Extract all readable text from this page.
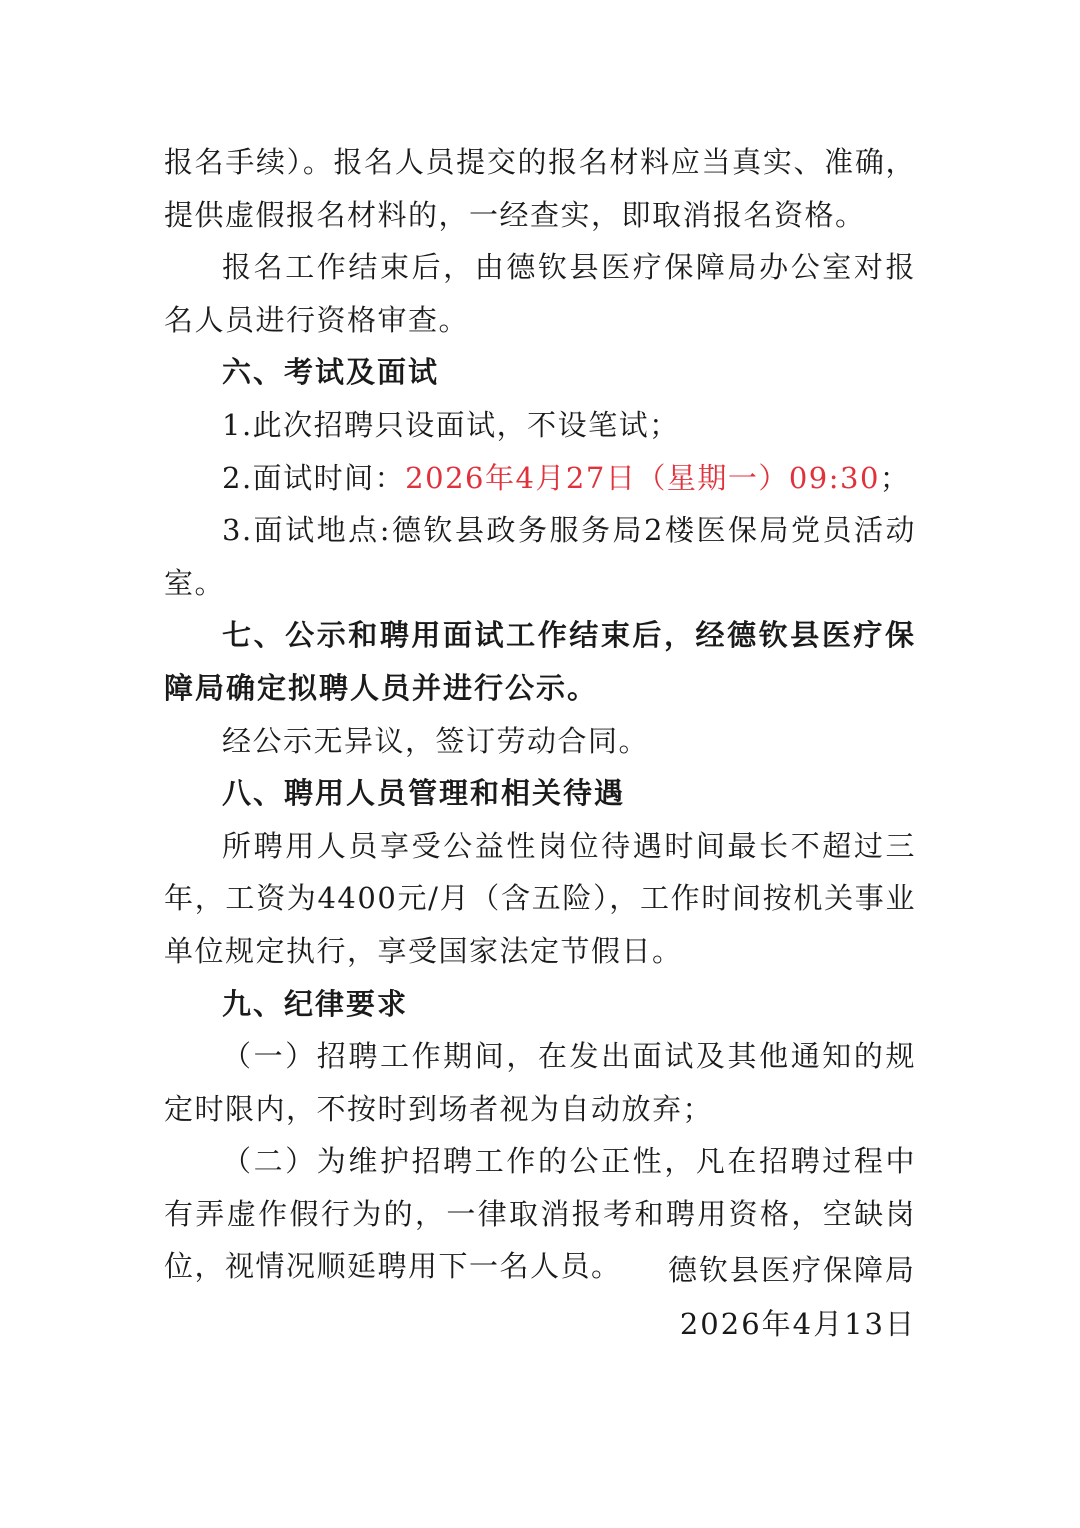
报名手续）。报名人员提交的报名材料应当真实、准确，提供虚假报名材料的，一经查实，即取消报名资格。

报名工作结束后，由德钦县医疗保障局办公室对报名人员进行资格审查。

六、考试及面试

1.此次招聘只设面试，不设笔试；

2.面试时间：2026年4月27日（星期一）09:30；

3.面试地点:德钦县政务服务局2楼医保局党员活动室。

七、公示和聘用面试工作结束后，经德钦县医疗保障局确定拟聘人员并进行公示。

经公示无异议，签订劳动合同。

八、聘用人员管理和相关待遇

所聘用人员享受公益性岗位待遇时间最长不超过三年，工资为4400元/月（含五险），工作时间按机关事业单位规定执行，享受国家法定节假日。

九、纪律要求

（一）招聘工作期间，在发出面试及其他通知的规定时限内，不按时到场者视为自动放弃；

（二）为维护招聘工作的公正性，凡在招聘过程中有弄虚作假行为的，一律取消报考和聘用资格，空缺岗位，视情况顺延聘用下一名人员。	德钦县医疗保障局
2026年4月13日
